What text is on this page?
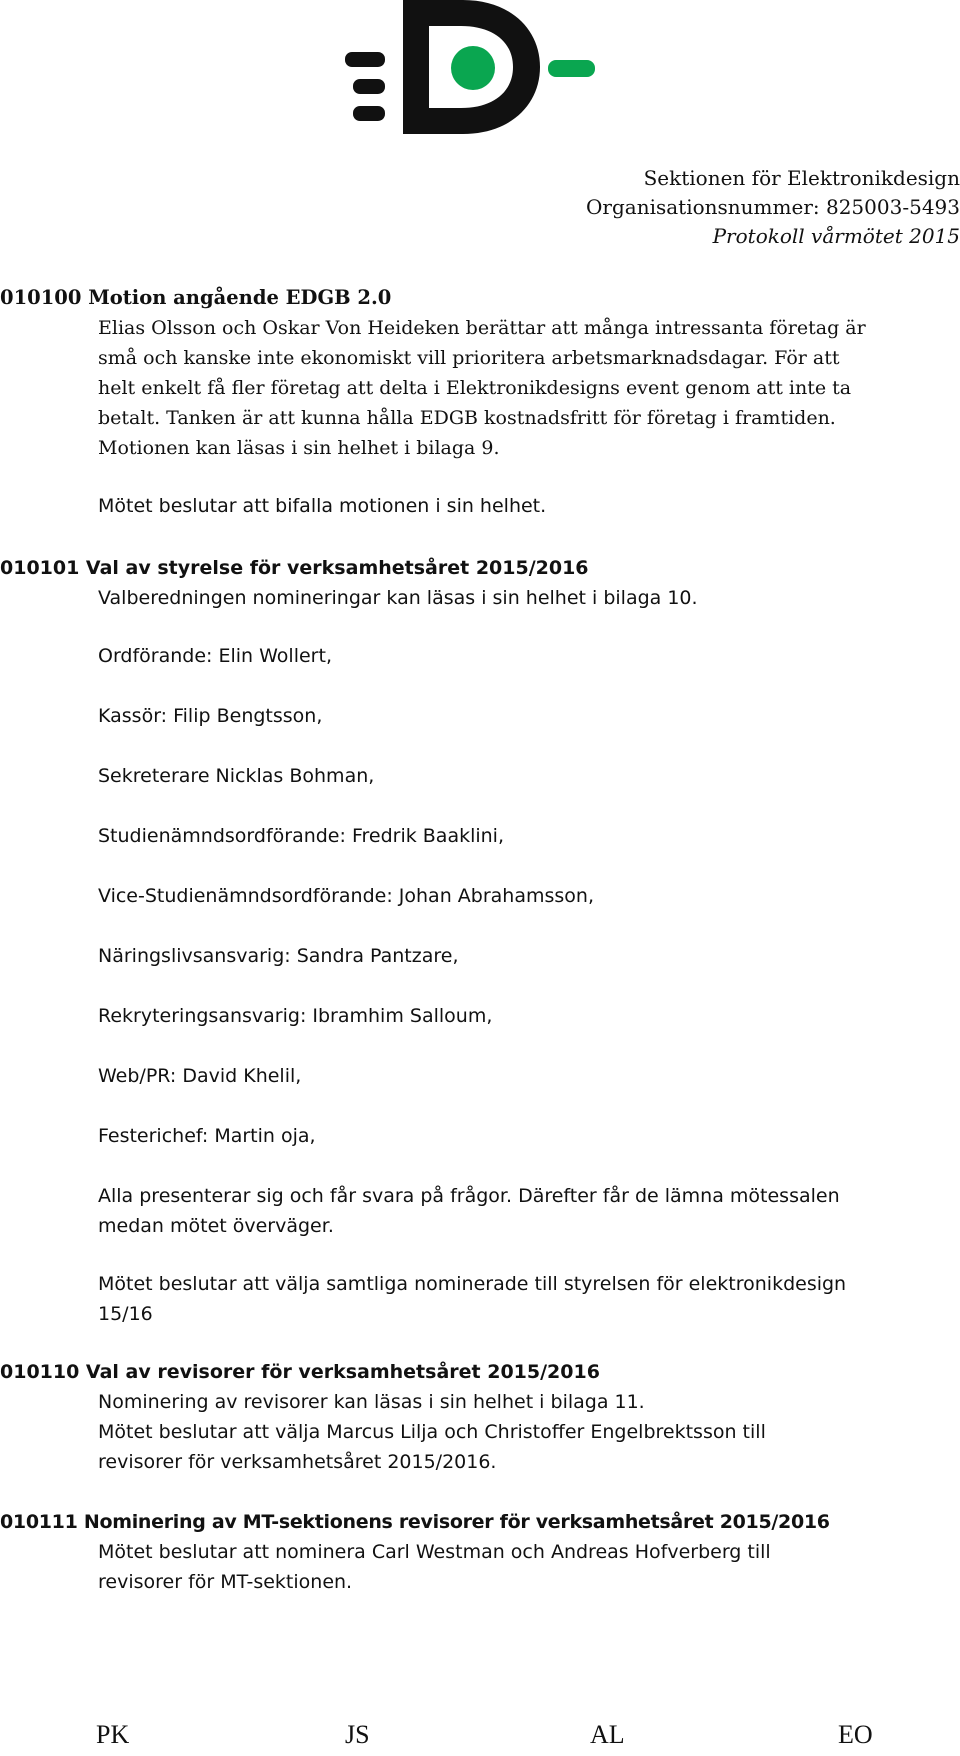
Sektionen för Elektronikdesign
Organisationsnummer: 825003-5493
Protokoll vårmötet 2015
010100 Motion angående EDGB 2.0

Elias Olsson och Oskar Von Heideken berättar att många intressanta företag är
små och kanske inte ekonomiskt vill prioritera arbetsmarknadsdagar. För att
helt enkelt få fler företag att delta i Elektronikdesigns event genom att inte ta
betalt. Tanken är att kunna hålla EDGB kostnadsfritt för företag i framtiden.
Motionen kan läsas i sin helhet i bilaga 9.

Mötet beslutar att bifalla motionen i sin helhet.

010101 Val av styrelse för verksamhetsåret 2015/2016

Valberedningen nomineringar kan läsas i sin helhet i bilaga 10.

Ordförande: Elin Wollert,
Kassör: Filip Bengtsson,
Sekreterare Nicklas Bohman,
Studienämndsordförande: Fredrik Baaklini,
Vice-Studienämndsordförande: Johan Abrahamsson,
Näringslivsansvarig: Sandra Pantzare,
Rekryteringsansvarig: Ibramhim Salloum,
Web/PR: David Khelil,
Festerichef: Martin oja,

Alla presenterar sig och får svara på frågor. Därefter får de lämna mötessalen
medan mötet överväger.

Mötet beslutar att välja samtliga nominerade till styrelsen för elektronikdesign
15/16

010110 Val av revisorer för verksamhetsåret 2015/2016

Nominering av revisorer kan läsas i sin helhet i bilaga 11.
Mötet beslutar att välja Marcus Lilja och Christoffer Engelbrektsson till
revisorer för verksamhetsåret 2015/2016.

010111 Nominering av MT-sektionens revisorer för verksamhetsåret 2015/2016

Mötet beslutar att nominera Carl Westman och Andreas Hofverberg till
revisorer för MT-sektionen.

PK	JS	AL	EO
